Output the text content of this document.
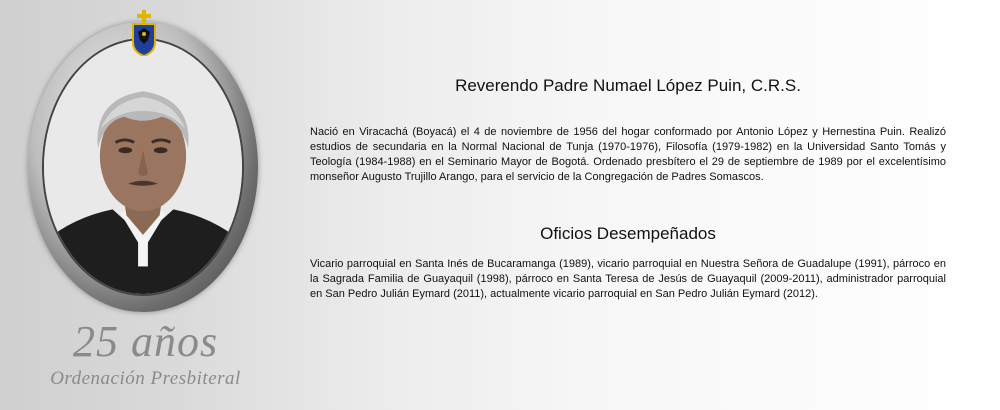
25 años
Ordenación Presbiteral
Reverendo Padre Numael López Puin, C.R.S.
Nació en Viracachá (Boyacá) el 4 de noviembre de 1956 del hogar conformado por Antonio López y Hernestina Puin. Realizó estudios de secundaria en la Normal Nacional de Tunja (1970-1976), Filosofía (1979-1982) en la Universidad Santo Tomás y Teología (1984-1988) en el Seminario Mayor de Bogotá. Ordenado presbítero el 29 de septiembre de 1989 por el excelentísimo monseñor Augusto Trujillo Arango, para el servicio de la Congregación de Padres Somascos.
Oficios Desempeñados
Vicario parroquial en Santa Inés de Bucaramanga (1989), vicario parroquial en Nuestra Señora de Guadalupe (1991), párroco en la Sagrada Familia de Guayaquil (1998), párroco en Santa Teresa de Jesús de Guayaquil (2009-2011), administrador parroquial en San Pedro Julián Eymard (2011), actualmente vicario parroquial en San Pedro Julián Eymard (2012).
